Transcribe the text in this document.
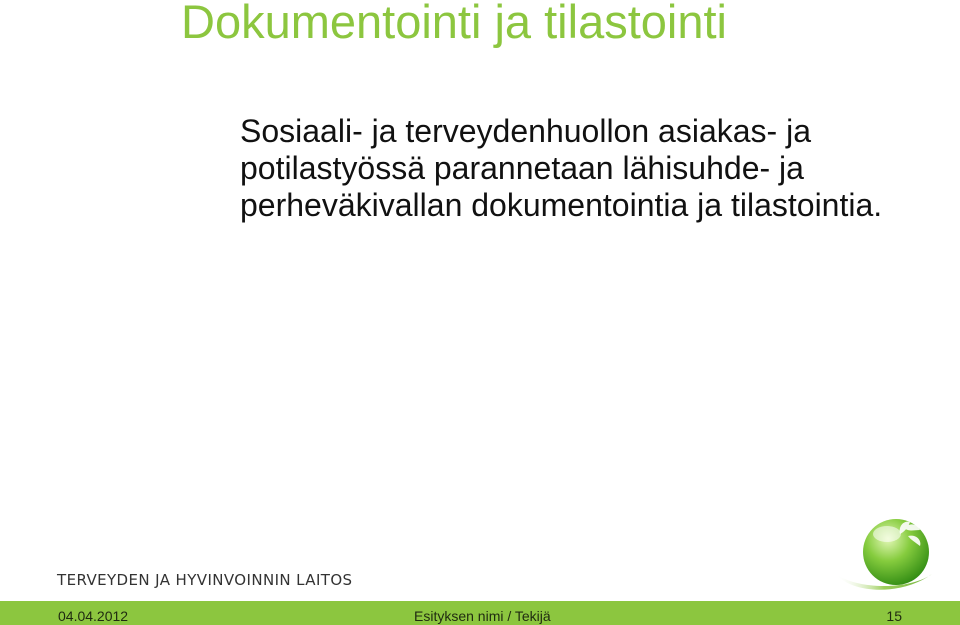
Dokumentointi ja tilastointi

Sosiaali- ja terveydenhuollon asiakas- ja potilastyössä parannetaan lähisuhde- ja perheväkivallan dokumentointia ja tilastointia.

TERVEYDEN JA HYVINVOINNIN LAITOS
04.04.2012	Esityksen nimi / Tekijä	15
